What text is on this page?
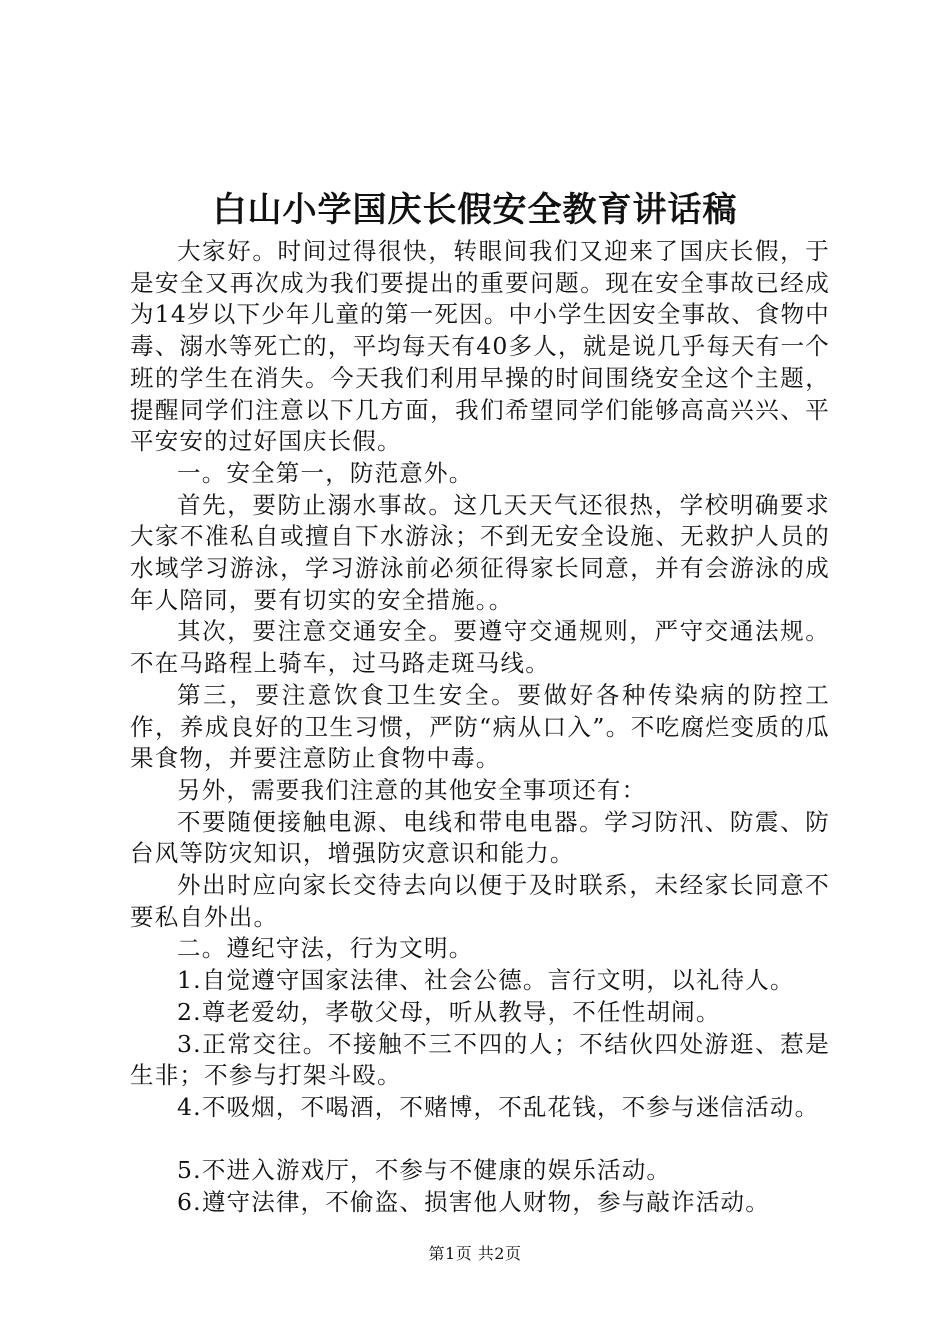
白山小学国庆长假安全教育讲话稿

大家好。时间过得很快，转眼间我们又迎来了国庆长假，于是安全又再次成为我们要提出的重要问题。现在安全事故已经成为14岁以下少年儿童的第一死因。中小学生因安全事故、食物中毒、溺水等死亡的，平均每天有40多人，就是说几乎每天有一个班的学生在消失。今天我们利用早操的时间围绕安全这个主题，提醒同学们注意以下几方面，我们希望同学们能够高高兴兴、平平安安的过好国庆长假。

一。安全第一，防范意外。

首先，要防止溺水事故。这几天天气还很热，学校明确要求大家不准私自或擅自下水游泳；不到无安全设施、无救护人员的水域学习游泳，学习游泳前必须征得家长同意，并有会游泳的成年人陪同，要有切实的安全措施。。

其次，要注意交通安全。要遵守交通规则，严守交通法规。不在马路程上骑车，过马路走斑马线。

第三，要注意饮食卫生安全。要做好各种传染病的防控工作，养成良好的卫生习惯，严防“病从口入”。不吃腐烂变质的瓜果食物，并要注意防止食物中毒。

另外，需要我们注意的其他安全事项还有：

不要随便接触电源、电线和带电电器。学习防汛、防震、防台风等防灾知识，增强防灾意识和能力。

外出时应向家长交待去向以便于及时联系，未经家长同意不要私自外出。

二。遵纪守法，行为文明。

1.自觉遵守国家法律、社会公德。言行文明，以礼待人。

2.尊老爱幼，孝敬父母，听从教导，不任性胡闹。

3.正常交往。不接触不三不四的人；不结伙四处游逛、惹是生非；不参与打架斗殴。

4.不吸烟，不喝酒，不赌博，不乱花钱，不参与迷信活动。

5.不进入游戏厅，不参与不健康的娱乐活动。

6.遵守法律，不偷盗、损害他人财物，参与敲诈活动。

第1页 共2页
